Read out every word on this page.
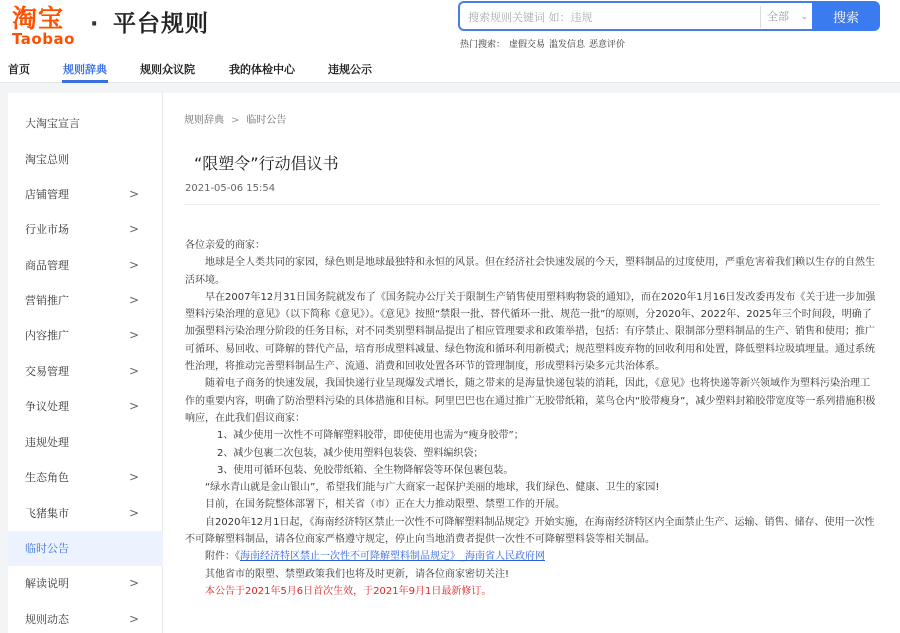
淘宝
Taobao
· 平台规则
搜索规则关键词 如：违规	全部 ⌄	搜索
热门搜索： 虚假交易 滥发信息 恶意评价
首页	规则辞典	规则众议院	我的体检中心	违规公示
大淘宝宣言
淘宝总则
店铺管理	>
行业市场	>
商品管理	>
营销推广	>
内容推广	>
交易管理	>
争议处理	>
违规处理
生态角色	>
飞猪集市	>
临时公告
解读说明	>
规则动态	>
规则辞典 > 临时公告
“限塑令”行动倡议书
2021-05-06 15:54

各位亲爱的商家：

地球是全人类共同的家园，绿色则是地球最独特和永恒的风景。但在经济社会快速发展的今天，塑料制品的过度使用，严重危害着我们赖以生存的自然生活环境。

早在2007年12月31日国务院就发布了《国务院办公厅关于限制生产销售使用塑料购物袋的通知》，而在2020年1月16日发改委再发布《关于进一步加强塑料污染治理的意见》（以下简称《意见》）。《意见》按照“禁限一批、替代循环一批、规范一批”的原则，分2020年、2022年、2025年三个时间段，明确了加强塑料污染治理分阶段的任务目标，对不同类别塑料制品提出了相应管理要求和政策举措，包括：有序禁止、限制部分塑料制品的生产、销售和使用；推广可循环、易回收、可降解的替代产品，培育形成塑料减量、绿色物流和循环利用新模式；规范塑料废弃物的回收利用和处置，降低塑料垃圾填埋量。通过系统性治理，将推动完善塑料制品生产、流通、消费和回收处置各环节的管理制度，形成塑料污染多元共治体系。

随着电子商务的快速发展，我国快递行业呈现爆发式增长，随之带来的是海量快递包装的消耗，因此，《意见》也将快递等新兴领域作为塑料污染治理工作的重要内容，明确了防治塑料污染的具体措施和目标。阿里巴巴也在通过推广无胶带纸箱，菜鸟仓内“胶带瘦身”，减少塑料封箱胶带宽度等一系列措施积极响应，在此我们倡议商家：

1、减少使用一次性不可降解塑料胶带，即使使用也需为“瘦身胶带”；

2、减少包裹二次包装，减少使用塑料包装袋、塑料编织袋；

3、使用可循环包装、免胶带纸箱、全生物降解袋等环保包裹包装。

“绿水青山就是金山银山”，希望我们能与广大商家一起保护美丽的地球，我们绿色、健康、卫生的家园!

目前，在国务院整体部署下，相关省（市）正在大力推动限塑、禁塑工作的开展。

自2020年12月1日起，《海南经济特区禁止一次性不可降解塑料制品规定》开始实施，在海南经济特区内全面禁止生产、运输、销售、储存、使用一次性不可降解塑料制品，请各位商家严格遵守规定，停止向当地消费者提供一次性不可降解塑料袋等相关制品。

附件：《海南经济特区禁止一次性不可降解塑料制品规定》_海南省人民政府网

其他省市的限塑、禁塑政策我们也将及时更新，请各位商家密切关注!

本公告于2021年5月6日首次生效，于2021年9月1日最新修订。
